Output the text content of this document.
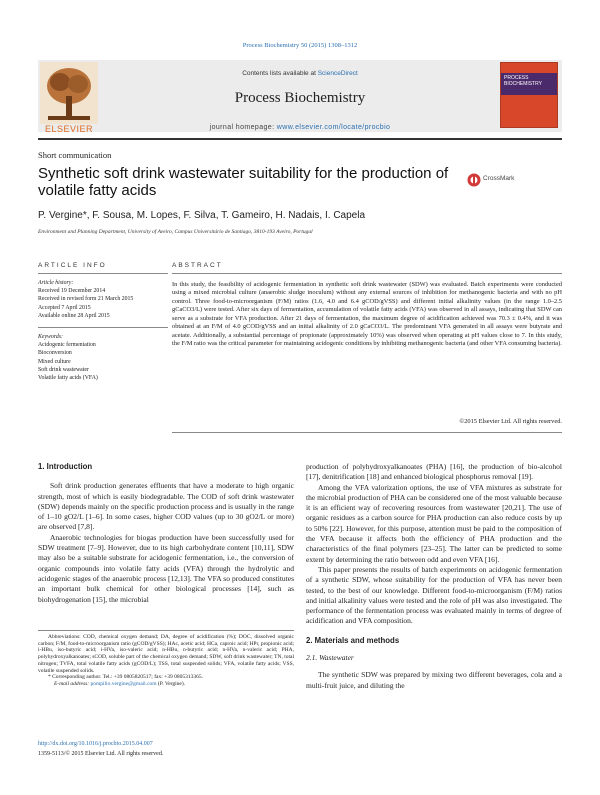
Process Biochemistry 50 (2015) 1308–1312
ELSEVIER
Contents lists available at ScienceDirect
Process Biochemistry
journal homepage: www.elsevier.com/locate/procbio
PROCESS BIOCHEMISTRY
Short communication
Synthetic soft drink wastewater suitability for the production of volatile fatty acids
CrossMark
P. Vergine*, F. Sousa, M. Lopes, F. Silva, T. Gameiro, H. Nadais, I. Capela
Environment and Planning Department, University of Aveiro, Campus Universitário de Santiago, 3810-193 Aveiro, Portugal
ARTICLE INFO
Article history:
Received 19 December 2014
Received in revised form 21 March 2015
Accepted 7 April 2015
Available online 28 April 2015
Keywords:
Acidogenic fermentation
Bioconversion
Mixed culture
Soft drink wastewater
Volatile fatty acids (VFA)
ABSTRACT
In this study, the feasibility of acidogenic fermentation in synthetic soft drink wastewater (SDW) was evaluated. Batch experiments were conducted using a mixed microbial culture (anaerobic sludge inoculum) without any external sources of inhibition for methanogenic bacteria and with no pH control. Three food-to-microorganism (F/M) ratios (1.6, 4.0 and 6.4 gCOD/gVSS) and different initial alkalinity values (in the range 1.0–2.5 gCaCO3/L) were tested. After six days of fermentation, accumulation of volatile fatty acids (VFA) was observed in all assays, indicating that SDW can serve as a substrate for VFA production. After 21 days of fermentation, the maximum degree of acidification achieved was 70.3 ± 0.4%, and it was obtained at an F/M of 4.0 gCOD/gVSS and an initial alkalinity of 2.0 gCaCO3/L. The predominant VFA generated in all assays were butyrate and acetate. Additionally, a substantial percentage of propionate (approximately 10%) was observed when operating at pH values close to 7. In this study, the F/M ratio was the critical parameter for maintaining acidogenic conditions by inhibiting methanogenic bacteria (and other VFA consuming bacteria).
©2015 Elsevier Ltd. All rights reserved.

1. Introduction

Soft drink production generates effluents that have a moderate to high organic strength, most of which is easily biodegradable. The COD of soft drink wastewater (SDW) depends mainly on the specific production process and is usually in the range of 1–10 gO2/L [1–6]. In some cases, higher COD values (up to 30 gO2/L or more) are observed [7,8].

Anaerobic technologies for biogas production have been successfully used for SDW treatment [7–9]. However, due to its high carbohydrate content [10,11], SDW may also be a suitable substrate for acidogenic fermentation, i.e., the conversion of organic compounds into volatile fatty acids (VFA) through the hydrolytic and acidogenic stages of the anaerobic process [12,13]. The VFA so produced constitutes an important bulk chemical for other biological processes [14], such as biohydrogenation [15], the microbial

Abbreviations: COD, chemical oxygen demand; DA, degree of acidification (%); DOC, dissolved organic carbon; F/M, food-to-microorganism ratio (gCOD/gVSS); HAc, acetic acid; HCa, caproic acid; HPr, propionic acid; i-HBu, iso-butyric acid; i-HVa, iso-valeric acid; n-HBu, n-butyric acid; n-HVa, n-valeric acid; PHA, polyhydroxyalkanoates; sCOD, soluble part of the chemical oxygen demand; SDW, soft drink wastewater; TN, total nitrogen; TVFA, total volatile fatty acids (gCOD/L); TSS, total suspended solids; VFA, volatile fatty acids; VSS, volatile suspended solids.

* Corresponding author. Tel.: +39 0805820517; fax: +39 0805313365.

E-mail address: pompilio.vergine@gmail.com (P. Vergine).

http://dx.doi.org/10.1016/j.procbio.2015.04.007
1359-5113/© 2015 Elsevier Ltd. All rights reserved.

production of polyhydroxyalkanoates (PHA) [16], the production of bio-alcohol [17], denitrification [18] and enhanced biological phosphorus removal [19].

Among the VFA valorization options, the use of VFA mixtures as substrate for the microbial production of PHA can be considered one of the most valuable because it is an efficient way of recovering resources from wastewater [20,21]. The use of organic residues as a carbon source for PHA production can also reduce costs by up to 50% [22]. However, for this purpose, attention must be paid to the composition of the VFA because it affects both the efficiency of PHA production and the characteristics of the final polymers [23–25]. The latter can be predicted to some extent by determining the ratio between odd and even VFA [16].

This paper presents the results of batch experiments on acidogenic fermentation of a synthetic SDW, whose suitability for the production of VFA has never been tested, to the best of our knowledge. Different food-to-microorganism (F/M) ratios and initial alkalinity values were tested and the role of pH was also investigated. The performance of the fermentation process was evaluated mainly in terms of degree of acidification and VFA composition.

2. Materials and methods

2.1. Wastewater

The synthetic SDW was prepared by mixing two different beverages, cola and a multi-fruit juice, and diluting the
